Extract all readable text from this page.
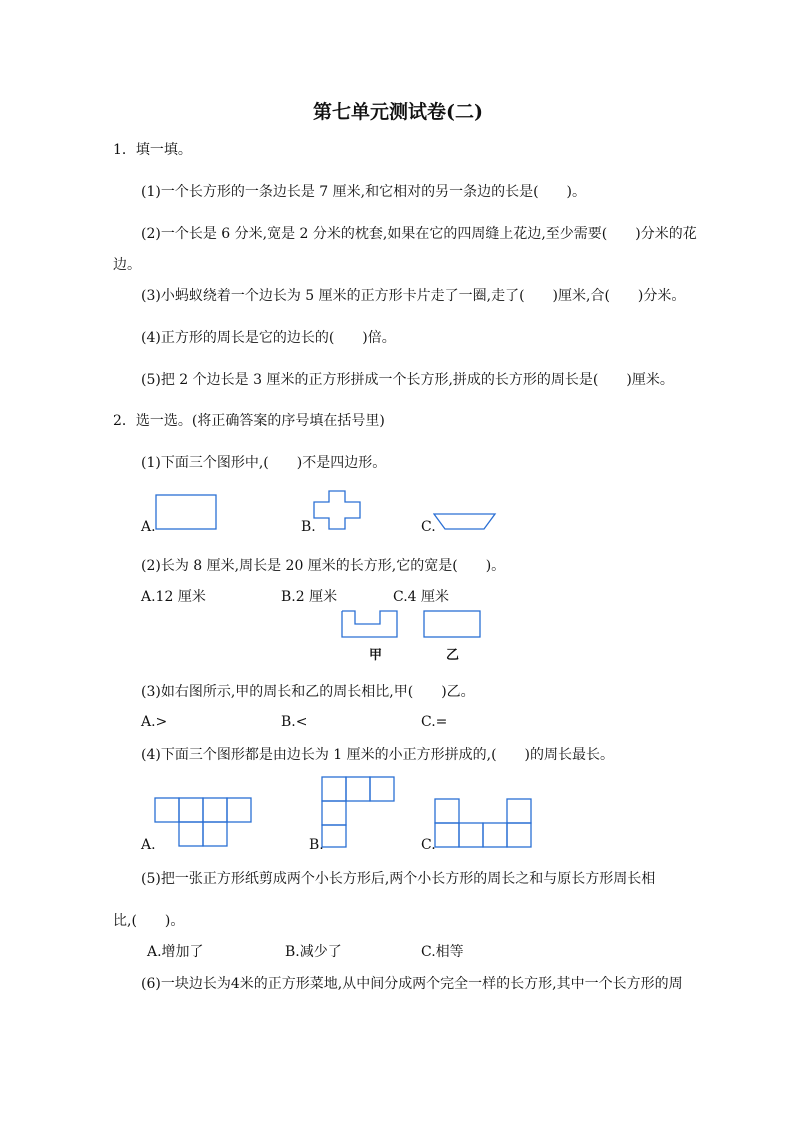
第七单元测试卷(二)
1．填一填。
(1)一个长方形的一条边长是 7 厘米,和它相对的另一条边的长是(　　)。
(2)一个长是 6 分米,宽是 2 分米的枕套,如果在它的四周缝上花边,至少需要(　　)分米的花
边。
(3)小蚂蚁绕着一个边长为 5 厘米的正方形卡片走了一圈,走了(　　)厘米,合(　　)分米。
(4)正方形的周长是它的边长的(　　)倍。
(5)把 2 个边长是 3 厘米的正方形拼成一个长方形,拼成的长方形的周长是(　　)厘米。
2．选一选。(将正确答案的序号填在括号里)
(1)下面三个图形中,(　　)不是四边形。
A.	B.	C.
(2)长为 8 厘米,周长是 20 厘米的长方形,它的宽是(　　)。
A.12 厘米	B.2 厘米	C.4 厘米
甲	乙
(3)如右图所示,甲的周长和乙的周长相比,甲(　　)乙。
A.>	B.<	C.=
(4)下面三个图形都是由边长为 1 厘米的小正方形拼成的,(　　)的周长最长。
A.	B.	C.
(5)把一张正方形纸剪成两个小长方形后,两个小长方形的周长之和与原长方形周长相
比,(　　)。
A.增加了	B.减少了	C.相等
(6)一块边长为4米的正方形菜地,从中间分成两个完全一样的长方形,其中一个长方形的周
